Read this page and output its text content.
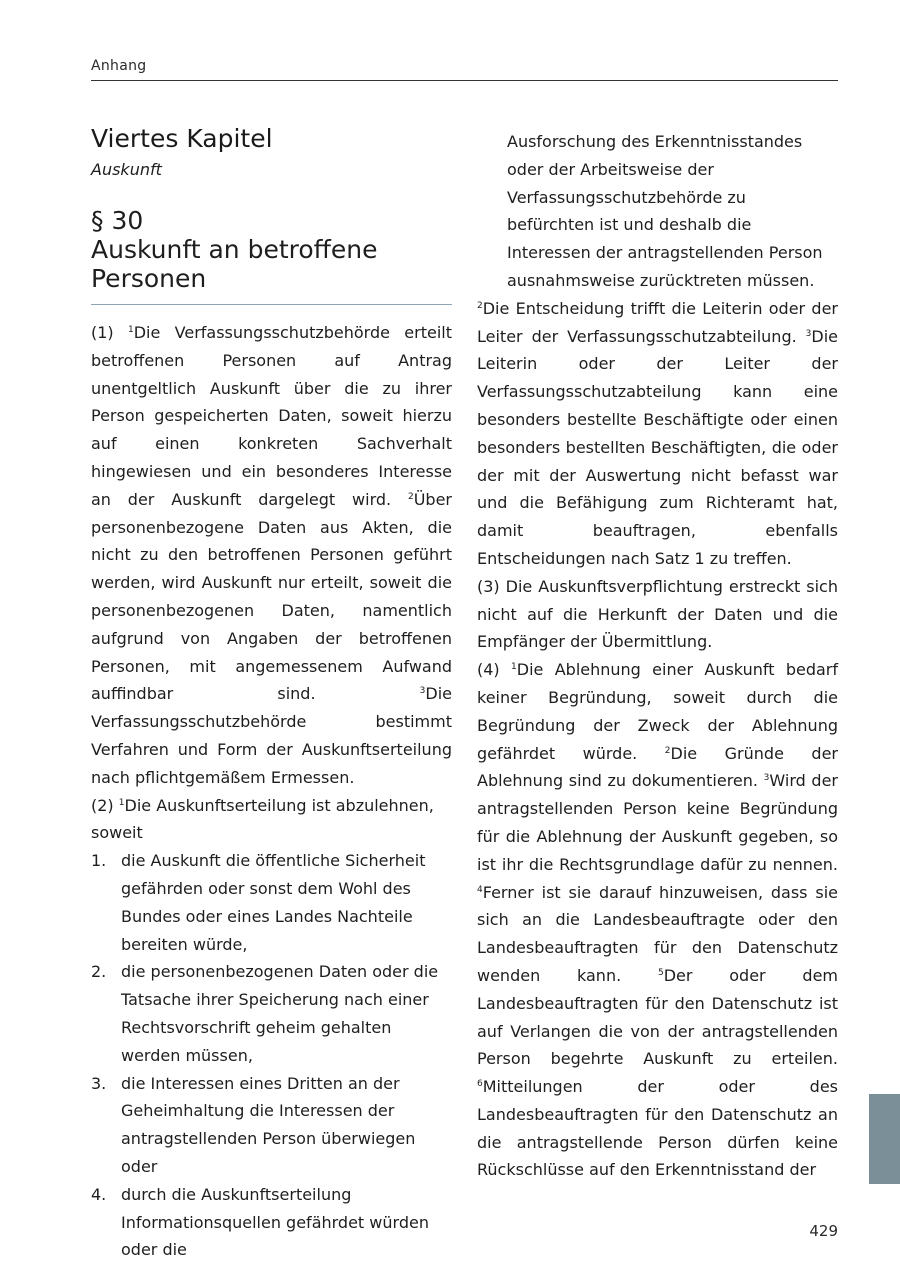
Anhang
Viertes Kapitel
Auskunft
§ 30
Auskunft an betroffene Personen

(1) $^1$Die Verfassungsschutzbehörde erteilt betroffenen Personen auf Antrag unentgeltlich Auskunft über die zu ihrer Person gespeicherten Daten, soweit hierzu auf einen konkreten Sachverhalt hingewiesen und ein besonderes Interesse an der Auskunft dargelegt wird. $^2$Über personenbezogene Daten aus Akten, die nicht zu den betroffenen Personen geführt werden, wird Auskunft nur erteilt, soweit die personenbezogenen Daten, namentlich aufgrund von Angaben der betroffenen Personen, mit angemessenem Aufwand auffindbar sind.	$^3$Die Verfassungsschutzbehörde bestimmt Verfahren und Form der Auskunftserteilung nach pflichtgemäßem Ermessen.

(2) $^1$Die Auskunftserteilung ist abzulehnen, soweit

1. die Auskunft die öffentliche Sicherheit gefährden oder sonst dem Wohl des Bundes oder eines Landes Nachteile bereiten würde,
2. die personenbezogenen Daten oder die Tatsache ihrer Speicherung nach einer Rechtsvorschrift geheim gehalten werden müssen,
3. die Interessen eines Dritten an der Geheimhaltung die Interessen der antragstellenden Person überwiegen oder
4. durch die Auskunftserteilung Informationsquellen gefährdet würden oder die

Ausforschung des Erkenntnisstandes oder der Arbeitsweise der Verfassungsschutzbehörde zu befürchten ist und deshalb die Interessen der antragstellenden Person ausnahmsweise zurücktreten müssen.

$^2$Die Entscheidung trifft die Leiterin oder der Leiter der Verfassungsschutzabteilung. $^3$Die Leiterin oder der Leiter der Verfassungsschutzabteilung kann eine besonders bestellte Beschäftigte oder einen besonders bestellten Beschäftigten, die oder der mit der Auswertung nicht befasst war und die Befähigung zum Richteramt hat, damit beauftragen, ebenfalls Entscheidungen nach Satz 1 zu treffen.

(3) Die Auskunftsverpflichtung erstreckt sich nicht auf die Herkunft der Daten und die Empfänger der Übermittlung.

(4) $^1$Die Ablehnung einer Auskunft bedarf keiner Begründung, soweit durch die Begründung der Zweck der Ablehnung gefährdet würde.	$^2$Die Gründe der Ablehnung sind zu dokumentieren. $^3$Wird der antragstellenden Person keine Begründung für die Ablehnung der Auskunft gegeben, so ist ihr die Rechtsgrundlage dafür zu nennen. $^4$Ferner ist sie darauf hinzuweisen, dass sie sich an die Landesbeauftragte oder den Landesbeauftragten für den Datenschutz wenden kann.	$^5$Der oder dem Landesbeauftragten für den Datenschutz ist auf Verlangen die von der antragstellenden Person begehrte Auskunft zu erteilen. $^6$Mitteilungen der oder des Landesbeauftragten für den Datenschutz an die antragstellende Person dürfen keine Rückschlüsse auf den Erkenntnisstand der

429
